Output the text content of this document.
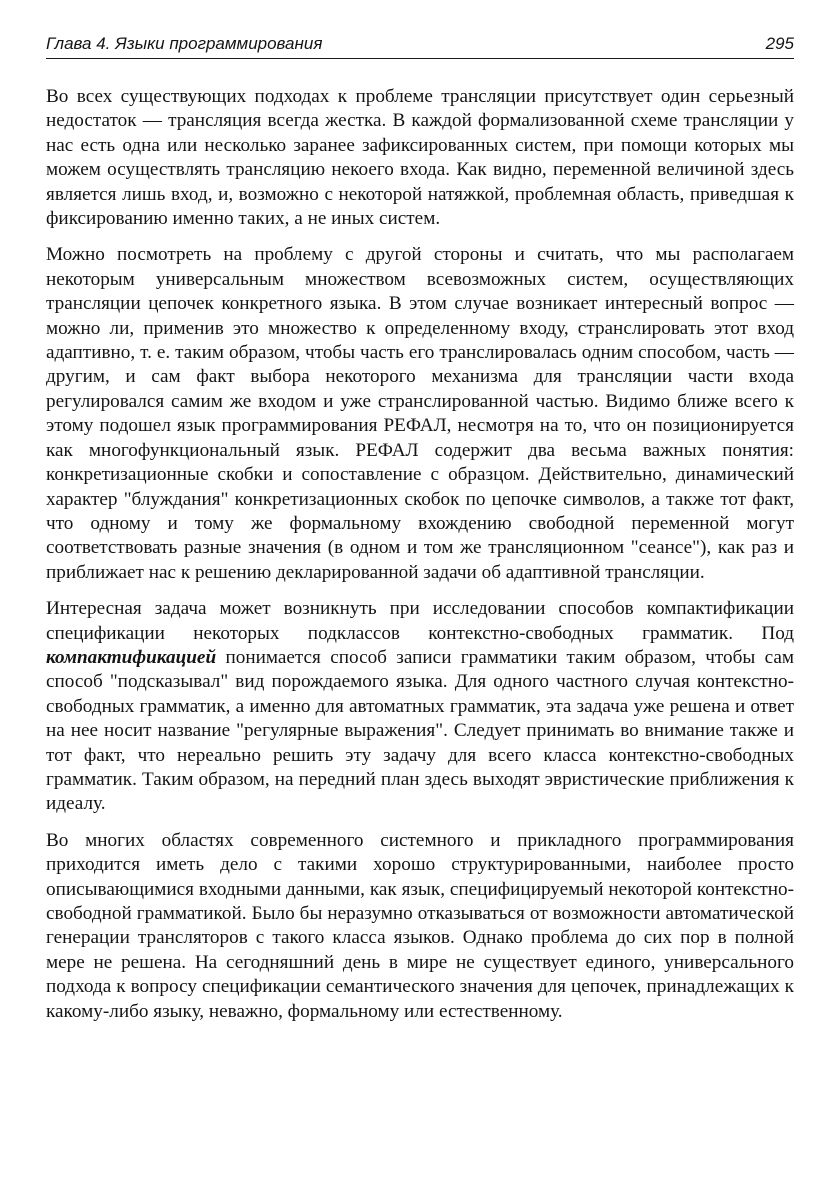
Глава 4. Языки программирования	295

Во всех существующих подходах к проблеме трансляции присутствует один серьезный недостаток — трансляция всегда жестка. В каждой формализованной схеме трансляции у нас есть одна или несколько заранее зафиксированных систем, при помощи которых мы можем осуществлять трансляцию некоего входа. Как видно, переменной величиной здесь является лишь вход, и, возможно с некоторой натяжкой, проблемная область, приведшая к фиксированию именно таких, а не иных систем.

Можно посмотреть на проблему с другой стороны и считать, что мы располагаем некоторым универсальным множеством всевозможных систем, осуществляющих трансляции цепочек конкретного языка. В этом случае возникает интересный вопрос — можно ли, применив это множество к определенному входу, странслировать этот вход адаптивно, т. е. таким образом, чтобы часть его транслировалась одним способом, часть — другим, и сам факт выбора некоторого механизма для трансляции части входа регулировался самим же входом и уже странслированной частью. Видимо ближе всего к этому подошел язык программирования РЕФАЛ, несмотря на то, что он позиционируется как многофункциональный язык. РЕФАЛ содержит два весьма важных понятия: конкретизационные скобки и сопоставление с образцом. Действительно, динамический характер "блуждания" конкретизационных скобок по цепочке символов, а также тот факт, что одному и тому же формальному вхождению свободной переменной могут соответствовать разные значения (в одном и том же трансляционном "сеансе"), как раз и приближает нас к решению декларированной задачи об адаптивной трансляции.

Интересная задача может возникнуть при исследовании способов компактификации спецификации некоторых подклассов контекстно-свободных грамматик. Под компактификацией понимается способ записи грамматики таким образом, чтобы сам способ "подсказывал" вид порождаемого языка. Для одного частного случая контекстно-свободных грамматик, а именно для автоматных грамматик, эта задача уже решена и ответ на нее носит название "регулярные выражения". Следует принимать во внимание также и тот факт, что нереально решить эту задачу для всего класса контекстно-свободных грамматик. Таким образом, на передний план здесь выходят эвристические приближения к идеалу.

Во многих областях современного системного и прикладного программирования приходится иметь дело с такими хорошо структурированными, наиболее просто описывающимися входными данными, как язык, специфицируемый некоторой контекстно-свободной грамматикой. Было бы неразумно отказываться от возможности автоматической генерации трансляторов с такого класса языков. Однако проблема до сих пор в полной мере не решена. На сегодняшний день в мире не существует единого, универсального подхода к вопросу спецификации семантического значения для цепочек, принадлежащих к какому-либо языку, неважно, формальному или естественному.
